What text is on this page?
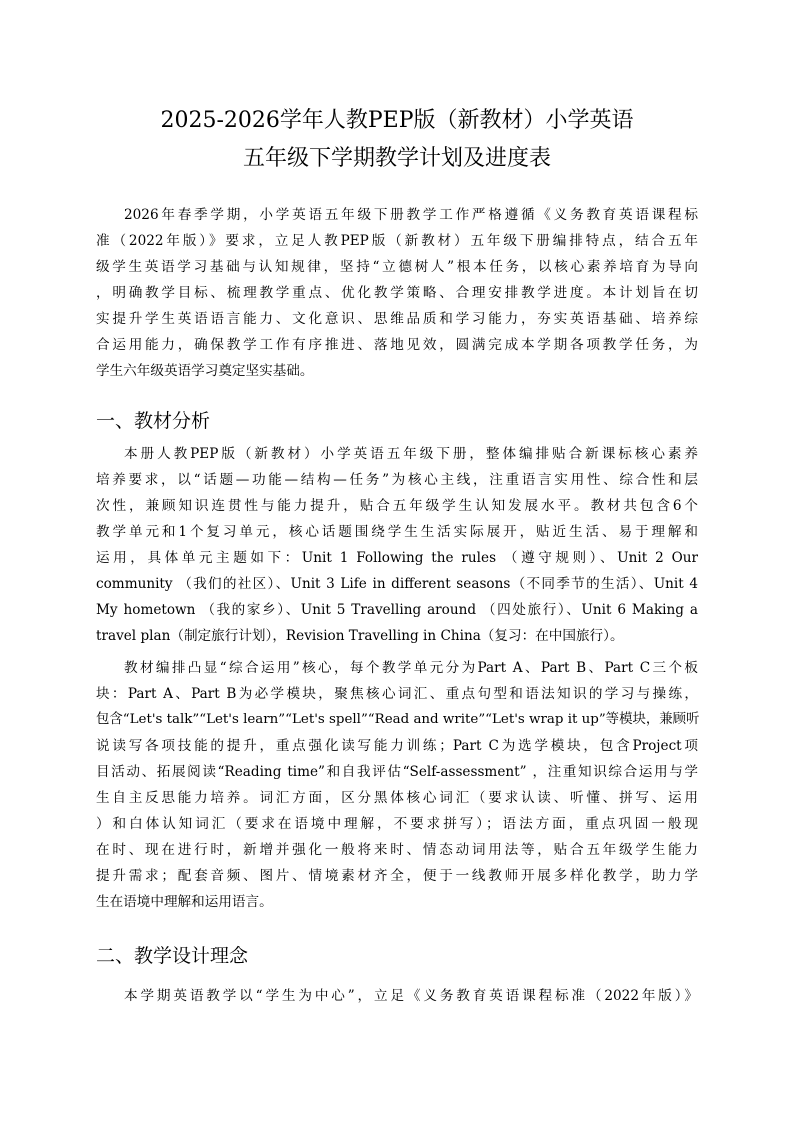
2025-2026学年人教PEP版（新教材）小学英语
五年级下学期教学计划及进度表
2026年春季学期，小学英语五年级下册教学工作严格遵循《义务教育英语课程标
准（2022年版）》要求，立足人教PEP版（新教材）五年级下册编排特点，结合五年
级学生英语学习基础与认知规律，坚持“立德树人”根本任务，以核心素养培育为导向
，明确教学目标、梳理教学重点、优化教学策略、合理安排教学进度。本计划旨在切
实提升学生英语语言能力、文化意识、思维品质和学习能力，夯实英语基础、培养综
合运用能力，确保教学工作有序推进、落地见效，圆满完成本学期各项教学任务，为
学生六年级英语学习奠定坚实基础。
一、教材分析
本册人教PEP版（新教材）小学英语五年级下册，整体编排贴合新课标核心素养
培养要求，以“话题—功能—结构—任务”为核心主线，注重语言实用性、综合性和层
次性，兼顾知识连贯性与能力提升，贴合五年级学生认知发展水平。教材共包含6个
教学单元和1个复习单元，核心话题围绕学生生活实际展开，贴近生活、易于理解和
运用，具体单元主题如下：Unit 1 Following the rules （遵守规则）、Unit 2 Our
community （我们的社区）、Unit 3 Life in different seasons（不同季节的生活）、Unit 4
My hometown （我的家乡）、Unit 5 Travelling around （四处旅行）、Unit 6 Making a
travel plan（制定旅行计划），Revision Travelling in China（复习：在中国旅行）。
教材编排凸显“综合运用”核心，每个教学单元分为Part A、Part B、Part C三个板
块：Part A、Part B为必学模块，聚焦核心词汇、重点句型和语法知识的学习与操练，
包含“Let's talk”“Let's learn”“Let's spell”“Read and write”“Let's wrap it up”等模块，兼顾听
说读写各项技能的提升，重点强化读写能力训练；Part C为选学模块，包含Project项
目活动、拓展阅读“Reading time”和自我评估“Self-assessment” ，注重知识综合运用与学
生自主反思能力培养。词汇方面，区分黑体核心词汇（要求认读、听懂、拼写、运用
）和白体认知词汇（要求在语境中理解，不要求拼写）；语法方面，重点巩固一般现
在时、现在进行时，新增并强化一般将来时、情态动词用法等，贴合五年级学生能力
提升需求；配套音频、图片、情境素材齐全，便于一线教师开展多样化教学，助力学
生在语境中理解和运用语言。
二、教学设计理念
本学期英语教学以“学生为中心”，立足《义务教育英语课程标准（2022年版）》
